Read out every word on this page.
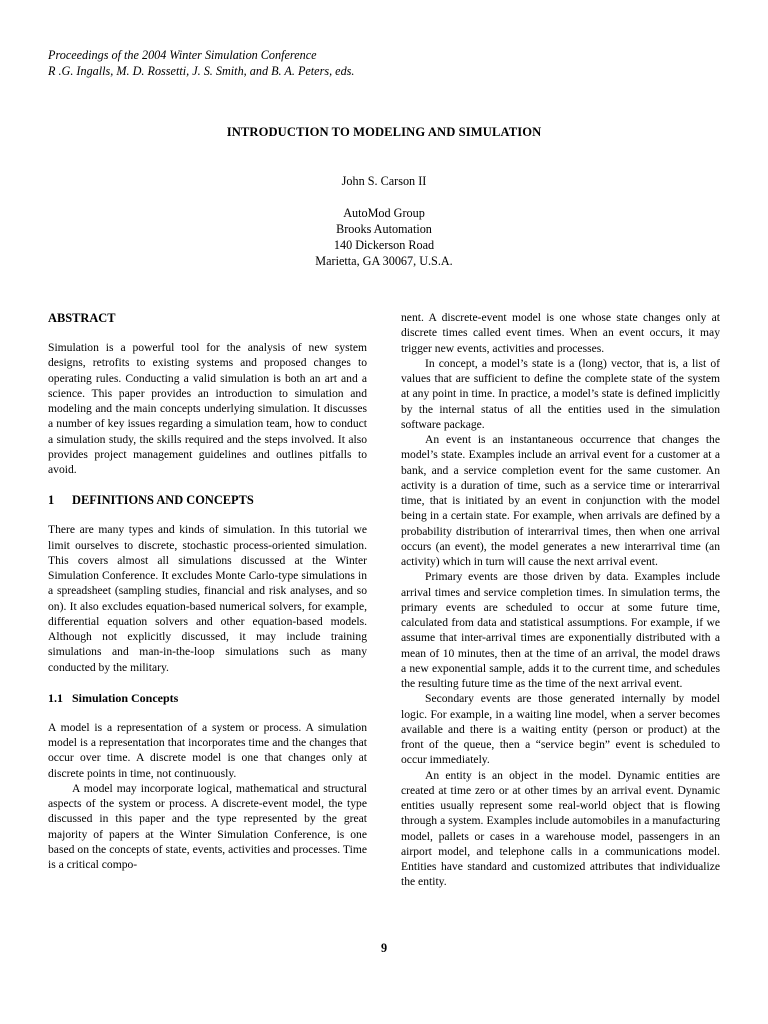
Proceedings of the 2004 Winter Simulation Conference
R .G. Ingalls, M. D. Rossetti, J. S. Smith, and B. A. Peters, eds.
INTRODUCTION TO MODELING AND SIMULATION
John S. Carson II
AutoMod Group
Brooks Automation
140 Dickerson Road
Marietta, GA 30067, U.S.A.
ABSTRACT

Simulation is a powerful tool for the analysis of new system designs, retrofits to existing systems and proposed changes to operating rules. Conducting a valid simulation is both an art and a science. This paper provides an introduction to simulation and modeling and the main concepts underlying simulation. It discusses a number of key issues regarding a simulation team, how to conduct a simulation study, the skills required and the steps involved. It also provides project management guidelines and outlines pitfalls to avoid.

1 DEFINITIONS AND CONCEPTS

There are many types and kinds of simulation. In this tutorial we limit ourselves to discrete, stochastic process-oriented simulation. This covers almost all simulations discussed at the Winter Simulation Conference. It excludes Monte Carlo-type simulations in a spreadsheet (sampling studies, financial and risk analyses, and so on). It also excludes equation-based numerical solvers, for example, differential equation solvers and other equation-based models. Although not explicitly discussed, it may include training simulations and man-in-the-loop simulations such as many conducted by the military.

1.1 Simulation Concepts

A model is a representation of a system or process. A simulation model is a representation that incorporates time and the changes that occur over time. A discrete model is one that changes only at discrete points in time, not continuously.

A model may incorporate logical, mathematical and structural aspects of the system or process. A discrete-event model, the type discussed in this paper and the type represented by the great majority of papers at the Winter Simulation Conference, is one based on the concepts of state, events, activities and processes. Time is a critical compo-

nent. A discrete-event model is one whose state changes only at discrete times called event times. When an event occurs, it may trigger new events, activities and processes.

In concept, a model’s state is a (long) vector, that is, a list of values that are sufficient to define the complete state of the system at any point in time. In practice, a model’s state is defined implicitly by the internal status of all the entities used in the simulation software package.

An event is an instantaneous occurrence that changes the model’s state. Examples include an arrival event for a customer at a bank, and a service completion event for the same customer. An activity is a duration of time, such as a service time or interarrival time, that is initiated by an event in conjunction with the model being in a certain state. For example, when arrivals are defined by a probability distribution of interarrival times, then when one arrival occurs (an event), the model generates a new interarrival time (an activity) which in turn will cause the next arrival event.

Primary events are those driven by data. Examples include arrival times and service completion times. In simulation terms, the primary events are scheduled to occur at some future time, calculated from data and statistical assumptions. For example, if we assume that inter-arrival times are exponentially distributed with a mean of 10 minutes, then at the time of an arrival, the model draws a new exponential sample, adds it to the current time, and schedules the resulting future time as the time of the next arrival event.

Secondary events are those generated internally by model logic. For example, in a waiting line model, when a server becomes available and there is a waiting entity (person or product) at the front of the queue, then a “service begin” event is scheduled to occur immediately.

An entity is an object in the model. Dynamic entities are created at time zero or at other times by an arrival event. Dynamic entities usually represent some real-world object that is flowing through a system. Examples include automobiles in a manufacturing model, pallets or cases in a warehouse model, passengers in an airport model, and telephone calls in a communications model. Entities have standard and customized attributes that individualize the entity.

9
